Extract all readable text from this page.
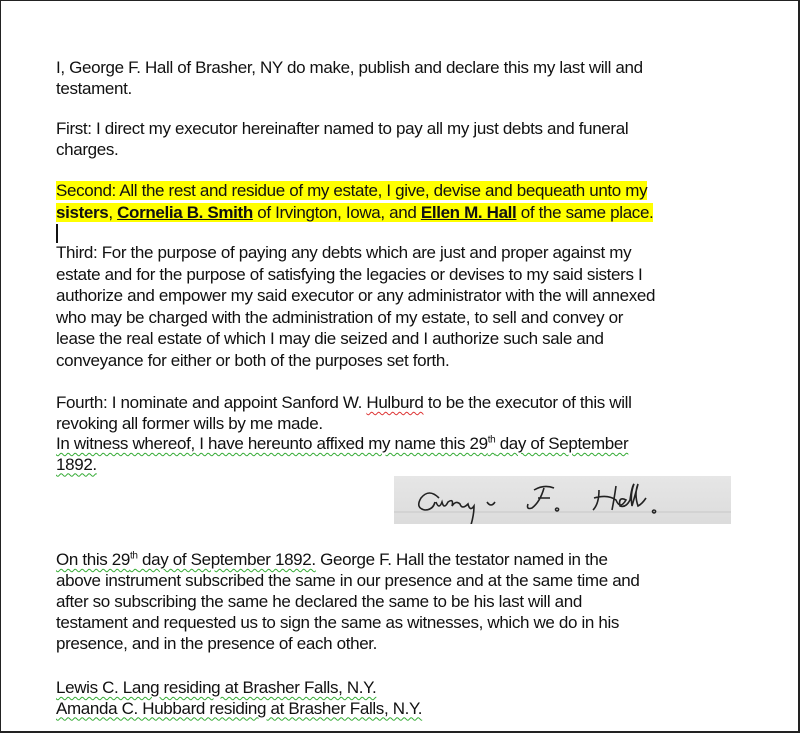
I, George F. Hall of Brasher, NY do make, publish and declare this my last will and
testament.
First: I direct my executor hereinafter named to pay all my just debts and funeral
charges.
Second: All the rest and residue of my estate, I give, devise and bequeath unto my
sisters, Cornelia B. Smith of Irvington, Iowa, and Ellen M. Hall of the same place.
Third: For the purpose of paying any debts which are just and proper against my
estate and for the purpose of satisfying the legacies or devises to my said sisters I
authorize and empower my said executor or any administrator with the will annexed
who may be charged with the administration of my estate, to sell and convey or
lease the real estate of which I may die seized and I authorize such sale and
conveyance for either or both of the purposes set forth.
Fourth: I nominate and appoint Sanford W. Hulburd to be the executor of this will
revoking all former wills by me made.
In witness whereof, I have hereunto affixed my name this 29th day of September
1892.
On this 29th day of September 1892. George F. Hall the testator named in the
above instrument subscribed the same in our presence and at the same time and
after so subscribing the same he declared the same to be his last will and
testament and requested us to sign the same as witnesses, which we do in his
presence, and in the presence of each other.
Lewis C. Lang residing at Brasher Falls, N.Y.
Amanda C. Hubbard residing at Brasher Falls, N.Y.
